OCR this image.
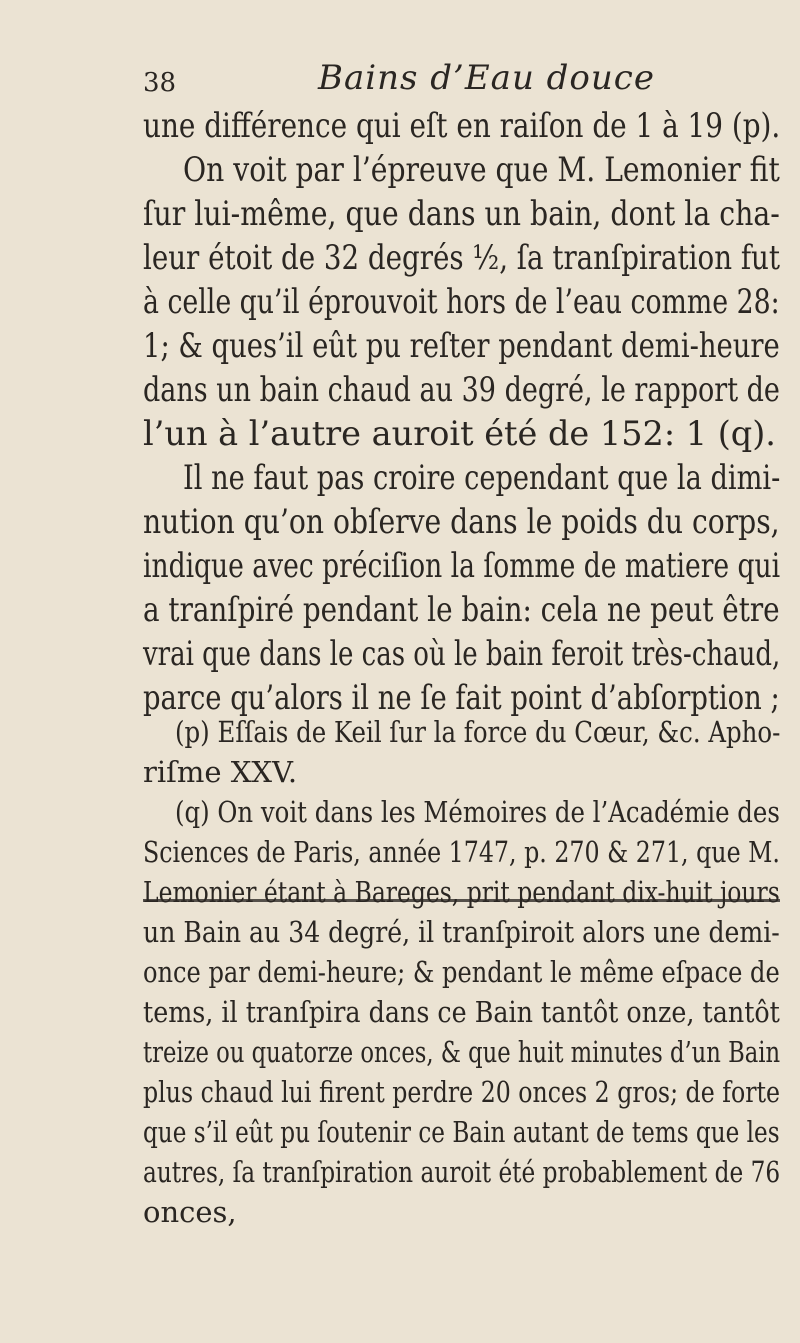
38	Bains d’Eau douce
une différence qui eſt en raiſon de 1 à 19 (p).
On voit par l’épreuve que M. Lemonier fit
ſur lui-même, que dans un bain, dont la cha-
leur étoit de 32 degrés ½, ſa tranſpiration fut
à celle qu’il éprouvoit hors de l’eau comme 28:
1; & ques’il eût pu reſter pendant demi-heure
dans un bain chaud au 39 degré, le rapport de
l’un à l’autre auroit été de 152: 1 (q).
Il ne faut pas croire cependant que la dimi-
nution qu’on obſerve dans le poids du corps,
indique avec préciſion la ſomme de matiere qui
a tranſpiré pendant le bain: cela ne peut être
vrai que dans le cas où le bain feroit très-chaud,
parce qu’alors il ne ſe fait point d’abſorption ;
(p) Eſſais de Keil ſur la force du Cœur, &c. Apho-
riſme XXV.
(q) On voit dans les Mémoires de l’Académie des
Sciences de Paris, année 1747, p. 270 & 271, que M.
Lemonier étant à Bareges, prit pendant dix-huit jours
un Bain au 34 degré, il tranſpiroit alors une demi-
once par demi-heure; & pendant le même eſpace de
tems, il tranſpira dans ce Bain tantôt onze, tantôt
treize ou quatorze onces, & que huit minutes d’un Bain
plus chaud lui firent perdre 20 onces 2 gros; de forte
que s’il eût pu ſoutenir ce Bain autant de tems que les
autres, ſa tranſpiration auroit été probablement de 76
onces,
